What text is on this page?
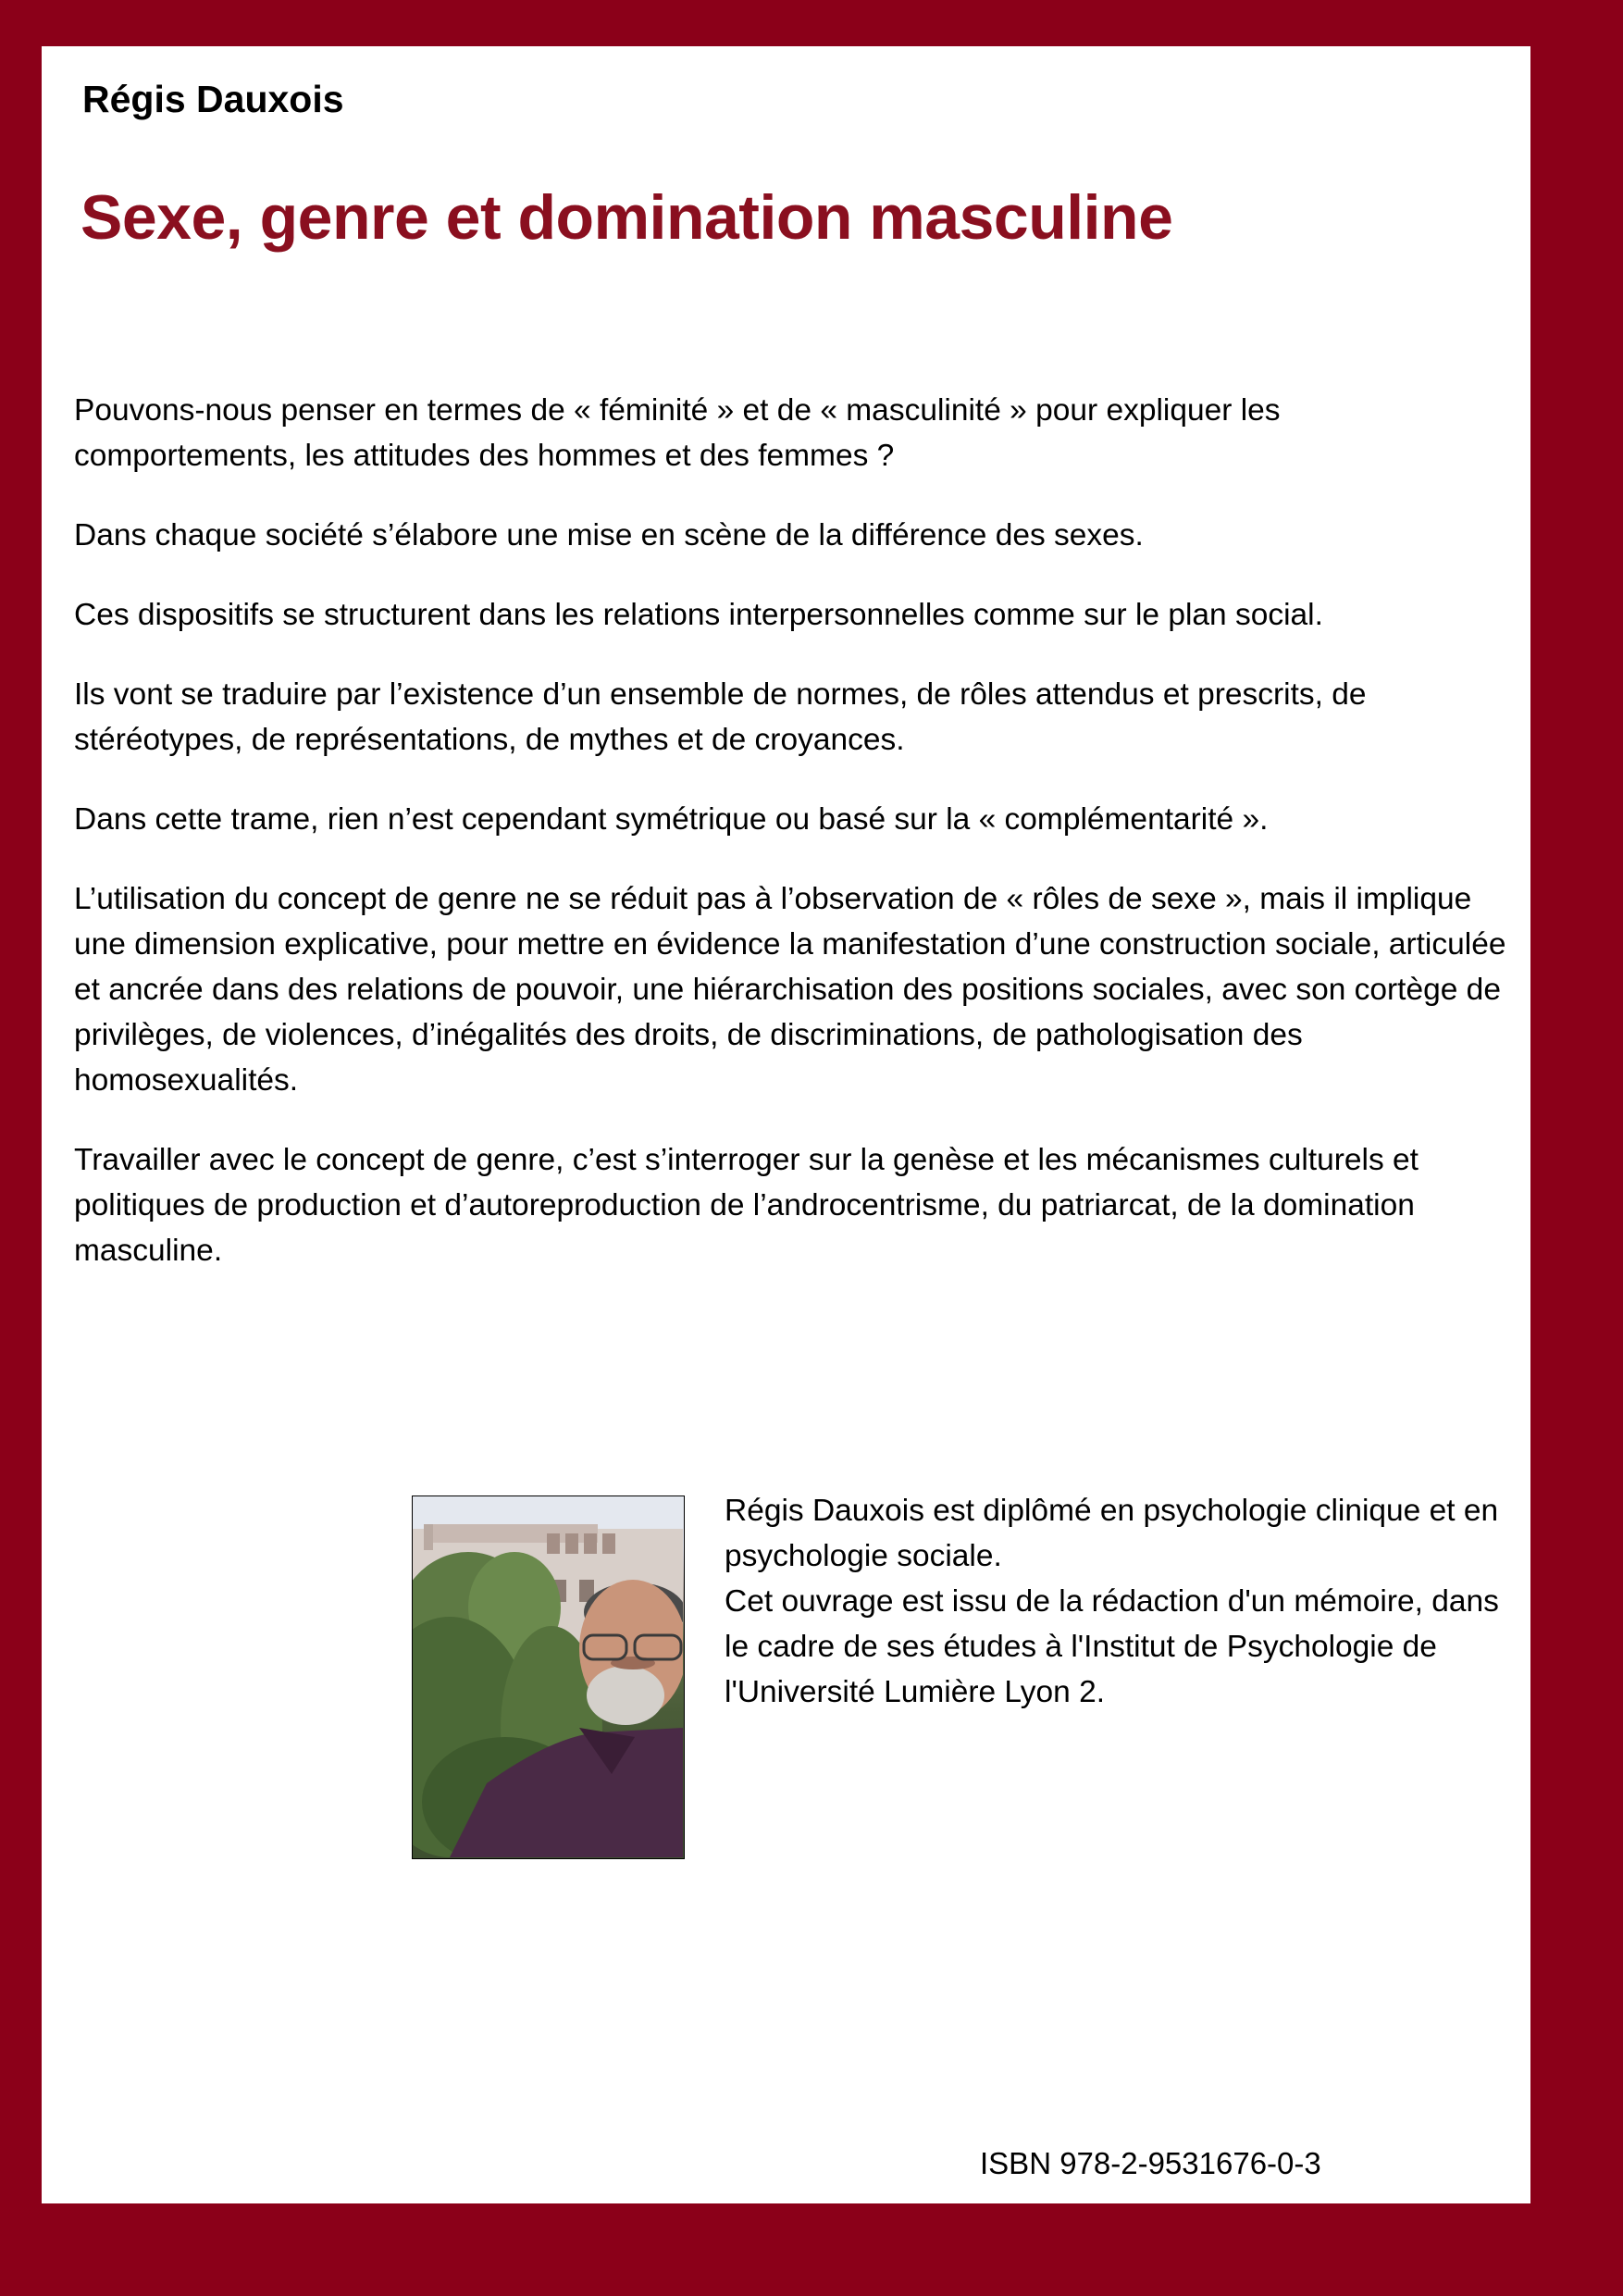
Régis Dauxois
Sexe, genre et domination masculine

Pouvons-nous penser en termes de « féminité » et de « masculinité » pour expliquer les comportements, les attitudes des hommes et des femmes ?

Dans chaque société s’élabore une mise en scène de la différence des sexes.

Ces dispositifs se structurent dans les relations interpersonnelles comme sur le plan social.

Ils vont se traduire par l’existence d’un ensemble de normes, de rôles attendus et prescrits, de stéréotypes, de représentations, de mythes et de croyances.

Dans cette trame, rien n’est cependant symétrique ou basé sur la « complémentarité ».

L’utilisation du concept de genre ne se réduit pas à l’observation de « rôles de sexe », mais il implique une dimension explicative, pour mettre en évidence la manifestation d’une construction sociale, articulée et ancrée dans des relations de pouvoir, une hiérarchisation des positions sociales, avec son cortège de privilèges, de violences, d’inégalités des droits, de discriminations, de pathologisation des homosexualités.

Travailler avec le concept de genre, c’est s’interroger sur la genèse et les mécanismes culturels et politiques de production et d’autoreproduction de l’androcentrisme, du patriarcat, de la domination masculine.

Régis Dauxois est diplômé en psychologie clinique et en psychologie sociale.
Cet ouvrage est issu de la rédaction d'un mémoire, dans le cadre de ses études à l'Institut de Psychologie de l'Université Lumière Lyon 2.
ISBN 978-2-9531676-0-3
